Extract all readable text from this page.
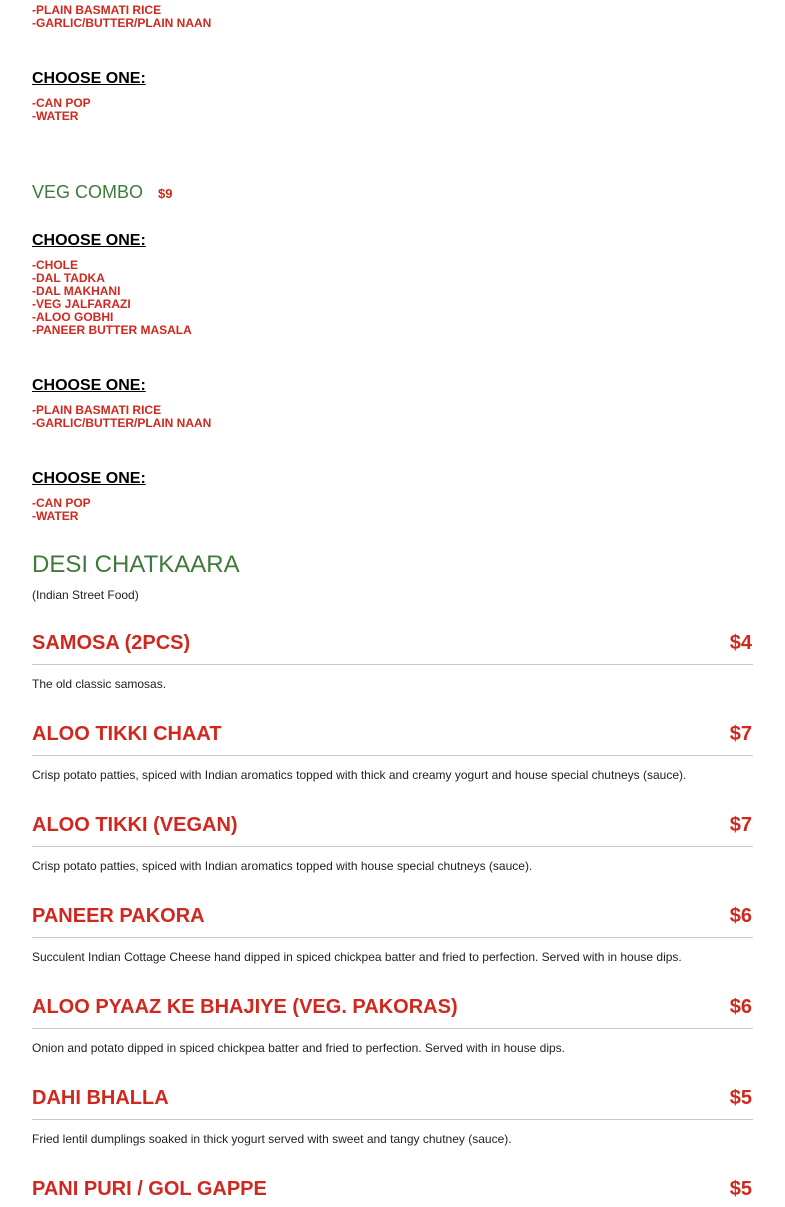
-PLAIN BASMATI RICE
-GARLIC/BUTTER/PLAIN NAAN
CHOOSE ONE:
-CAN POP
-WATER
VEG COMBO $9
CHOOSE ONE:
-CHOLE
-DAL TADKA
-DAL MAKHANI
-VEG JALFARAZI
-ALOO GOBHI
-PANEER BUTTER MASALA
CHOOSE ONE:
-PLAIN BASMATI RICE
-GARLIC/BUTTER/PLAIN NAAN
CHOOSE ONE:
-CAN POP
-WATER
DESI CHATKAARA
(Indian Street Food)
SAMOSA (2PCS)	$4
The old classic samosas.
ALOO TIKKI CHAAT	$7
Crisp potato patties, spiced with Indian aromatics topped with thick and creamy yogurt and house special chutneys (sauce).
ALOO TIKKI (VEGAN)	$7
Crisp potato patties, spiced with Indian aromatics topped with house special chutneys (sauce).
PANEER PAKORA	$6
Succulent Indian Cottage Cheese hand dipped in spiced chickpea batter and fried to perfection. Served with in house dips.
ALOO PYAAZ KE BHAJIYE (VEG. PAKORAS)	$6
Onion and potato dipped in spiced chickpea batter and fried to perfection. Served with in house dips.
DAHI BHALLA	$5
Fried lentil dumplings soaked in thick yogurt served with sweet and tangy chutney (sauce).
PANI PURI / GOL GAPPE	$5
